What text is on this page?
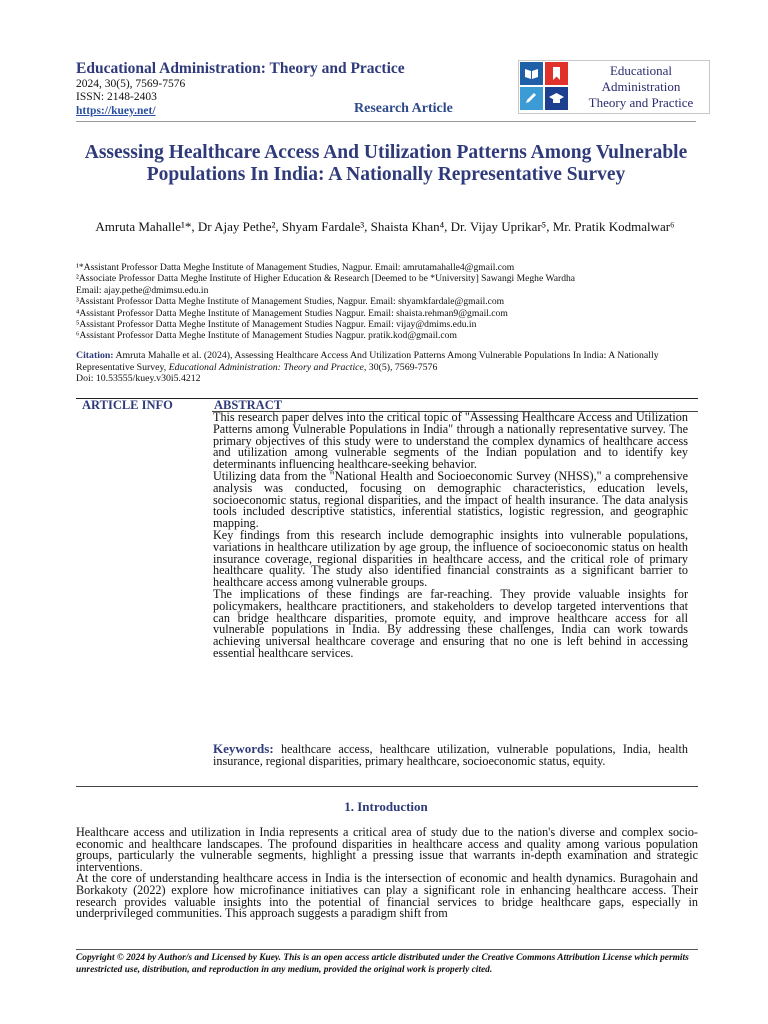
Educational Administration: Theory and Practice
2024, 30(5), 7569-7576
ISSN: 2148-2403
https://kuey.net/	Research Article
Educational
Administration
Theory and Practice
Assessing Healthcare Access And Utilization Patterns Among Vulnerable Populations In India: A Nationally Representative Survey
Amruta Mahalle¹*, Dr Ajay Pethe², Shyam Fardale³, Shaista Khan⁴, Dr. Vijay Uprikar⁵, Mr. Pratik Kodmalwar⁶
¹*Assistant Professor Datta Meghe Institute of Management Studies, Nagpur. Email: amrutamahalle4@gmail.com
²Associate Professor Datta Meghe Institute of Higher Education & Research [Deemed to be *University] Sawangi Meghe Wardha
Email: ajay.pethe@dmimsu.edu.in
³Assistant Professor Datta Meghe Institute of Management Studies, Nagpur. Email: shyamkfardale@gmail.com
⁴Assistant Professor Datta Meghe Institute of Management Studies Nagpur. Email: shaista.rehman9@gmail.com
⁵Assistant Professor Datta Meghe Institute of Management Studies Nagpur. Email: vijay@dmims.edu.in
⁶Assistant Professor Datta Meghe Institute of Management Studies Nagpur. pratik.kod@gmail.com
Citation: Amruta Mahalle et al. (2024), Assessing Healthcare Access And Utilization Patterns Among Vulnerable Populations In India: A Nationally Representative Survey, Educational Administration: Theory and Practice, 30(5), 7569-7576
Doi: 10.53555/kuey.v30i5.4212
ARTICLE INFO	ABSTRACT

This research paper delves into the critical topic of "Assessing Healthcare Access and Utilization Patterns among Vulnerable Populations in India" through a nationally representative survey. The primary objectives of this study were to understand the complex dynamics of healthcare access and utilization among vulnerable segments of the Indian population and to identify key determinants influencing healthcare-seeking behavior.

Utilizing data from the "National Health and Socioeconomic Survey (NHSS)," a comprehensive analysis was conducted, focusing on demographic characteristics, education levels, socioeconomic status, regional disparities, and the impact of health insurance. The data analysis tools included descriptive statistics, inferential statistics, logistic regression, and geographic mapping.

Key findings from this research include demographic insights into vulnerable populations, variations in healthcare utilization by age group, the influence of socioeconomic status on health insurance coverage, regional disparities in healthcare access, and the critical role of primary healthcare quality. The study also identified financial constraints as a significant barrier to healthcare access among vulnerable groups.

The implications of these findings are far-reaching. They provide valuable insights for policymakers, healthcare practitioners, and stakeholders to develop targeted interventions that can bridge healthcare disparities, promote equity, and improve healthcare access for all vulnerable populations in India. By addressing these challenges, India can work towards achieving universal healthcare coverage and ensuring that no one is left behind in accessing essential healthcare services.

Keywords: healthcare access, healthcare utilization, vulnerable populations, India, health insurance, regional disparities, primary healthcare, socioeconomic status, equity.
1. Introduction

Healthcare access and utilization in India represents a critical area of study due to the nation's diverse and complex socio-economic and healthcare landscapes. The profound disparities in healthcare access and quality among various population groups, particularly the vulnerable segments, highlight a pressing issue that warrants in-depth examination and strategic interventions.

At the core of understanding healthcare access in India is the intersection of economic and health dynamics. Buragohain and Borkakoty (2022) explore how microfinance initiatives can play a significant role in enhancing healthcare access. Their research provides valuable insights into the potential of financial services to bridge healthcare gaps, especially in underprivileged communities. This approach suggests a paradigm shift from

Copyright © 2024 by Author/s and Licensed by Kuey. This is an open access article distributed under the Creative Commons Attribution License which permits unrestricted use, distribution, and reproduction in any medium, provided the original work is properly cited.
